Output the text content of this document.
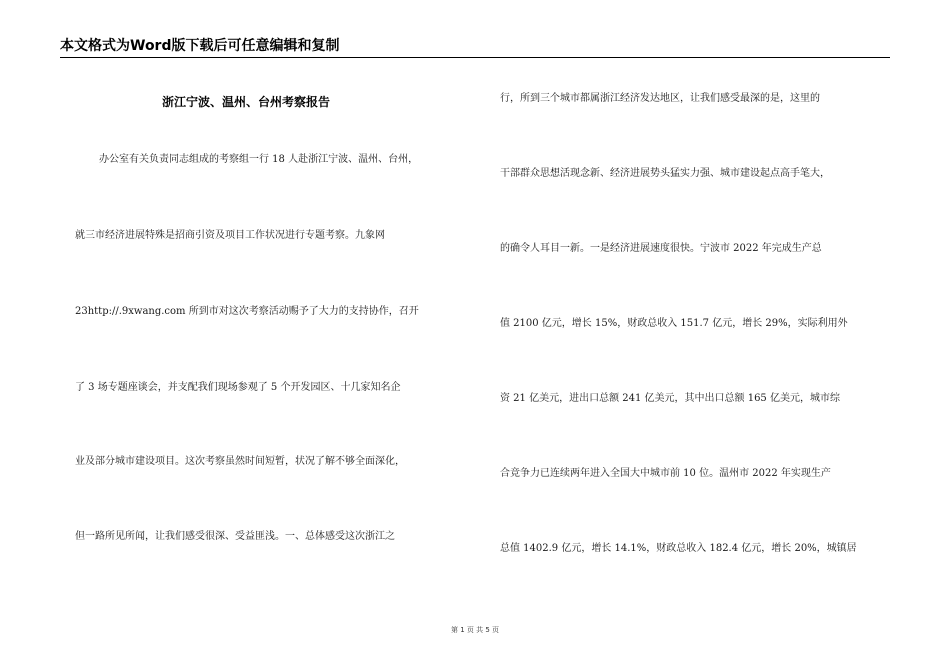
本文格式为Word版下载后可任意编辑和复制
浙江宁波、温州、台州考察报告
办公室有关负责同志组成的考察组一行 18 人赴浙江宁波、温州、台州，
就三市经济进展特殊是招商引资及项目工作状况进行专题考察。九象网
23http://.9xwang.com 所到市对这次考察活动赐予了大力的支持协作，召开
了 3 场专题座谈会，并支配我们现场参观了 5 个开发园区、十几家知名企
业及部分城市建设项目。这次考察虽然时间短暂，状况了解不够全面深化，
但一路所见所闻，让我们感受很深、受益匪浅。一、总体感受这次浙江之
行，所到三个城市都属浙江经济发达地区，让我们感受最深的是，这里的
干部群众思想活现念新、经济进展势头猛实力强、城市建设起点高手笔大，
的确令人耳目一新。一是经济进展速度很快。宁波市 2022 年完成生产总
值 2100 亿元，增长 15%，财政总收入 151.7 亿元，增长 29%，实际利用外
资 21 亿美元，进出口总额 241 亿美元，其中出口总额 165 亿美元，城市综
合竞争力已连续两年进入全国大中城市前 10 位。温州市 2022 年实现生产
总值 1402.9 亿元，增长 14.1%，财政总收入 182.4 亿元，增长 20%，城镇居
第 1 页 共 5 页
